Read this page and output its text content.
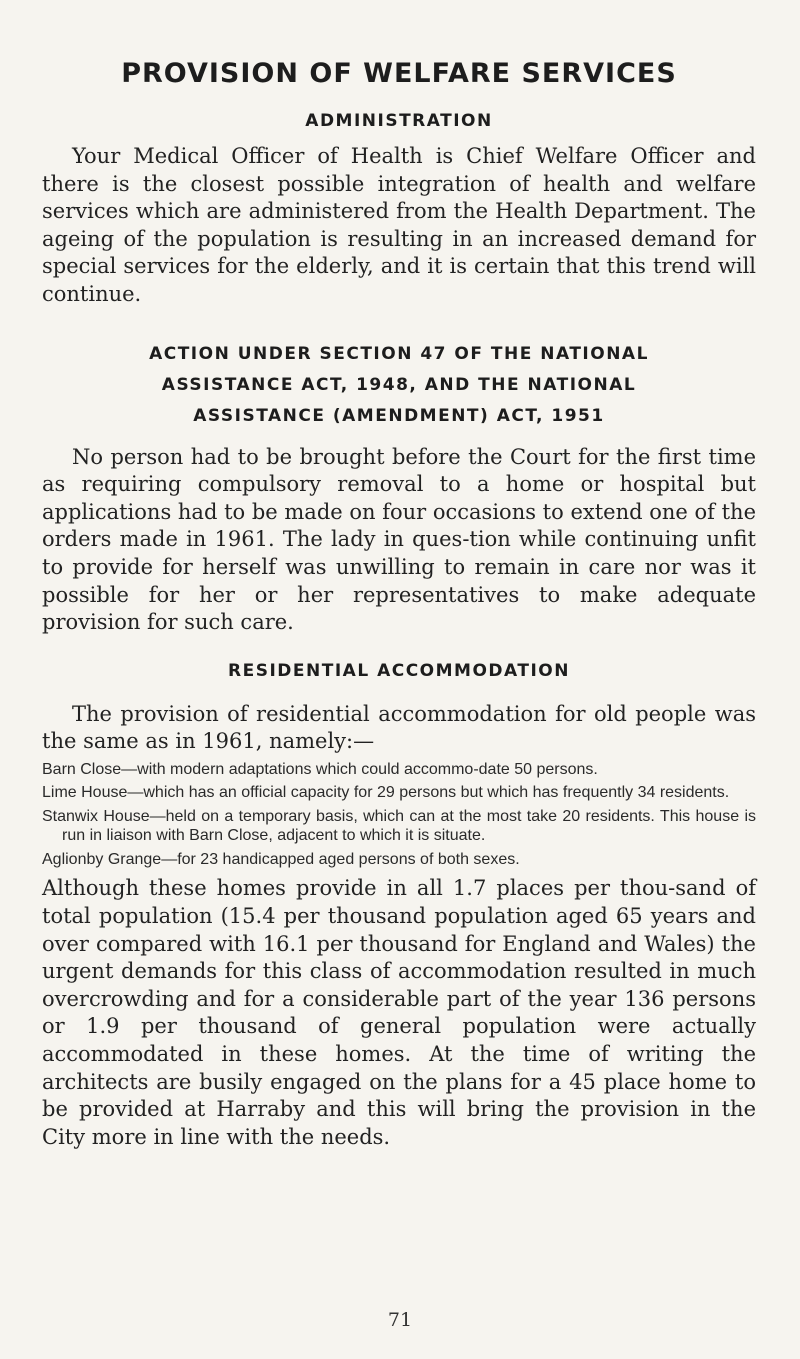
PROVISION OF WELFARE SERVICES
ADMINISTRATION

Your Medical Officer of Health is Chief Welfare Officer and there is the closest possible integration of health and welfare services which are administered from the Health Department. The ageing of the population is resulting in an increased demand for special services for the elderly, and it is certain that this trend will continue.

ACTION UNDER SECTION 47 OF THE NATIONAL
ASSISTANCE ACT, 1948, AND THE NATIONAL
ASSISTANCE (AMENDMENT) ACT, 1951

No person had to be brought before the Court for the first time as requiring compulsory removal to a home or hospital but applications had to be made on four occasions to extend one of the orders made in 1961. The lady in ques-tion while continuing unfit to provide for herself was unwilling to remain in care nor was it possible for her or her representatives to make adequate provision for such care.

RESIDENTIAL ACCOMMODATION

The provision of residential accommodation for old people was the same as in 1961, namely:—

Barn Close—with modern adaptations which could accommo-date 50 persons.

Lime House—which has an official capacity for 29 persons but which has frequently 34 residents.

Stanwix House—held on a temporary basis, which can at the most take 20 residents. This house is run in liaison with Barn Close, adjacent to which it is situate.

Aglionby Grange—for 23 handicapped aged persons of both sexes.

Although these homes provide in all 1.7 places per thou-sand of total population (15.4 per thousand population aged 65 years and over compared with 16.1 per thousand for England and Wales) the urgent demands for this class of accommodation resulted in much overcrowding and for a considerable part of the year 136 persons or 1.9 per thousand of general population were actually accommodated in these homes. At the time of writing the architects are busily engaged on the plans for a 45 place home to be provided at Harraby and this will bring the provision in the City more in line with the needs.

71
